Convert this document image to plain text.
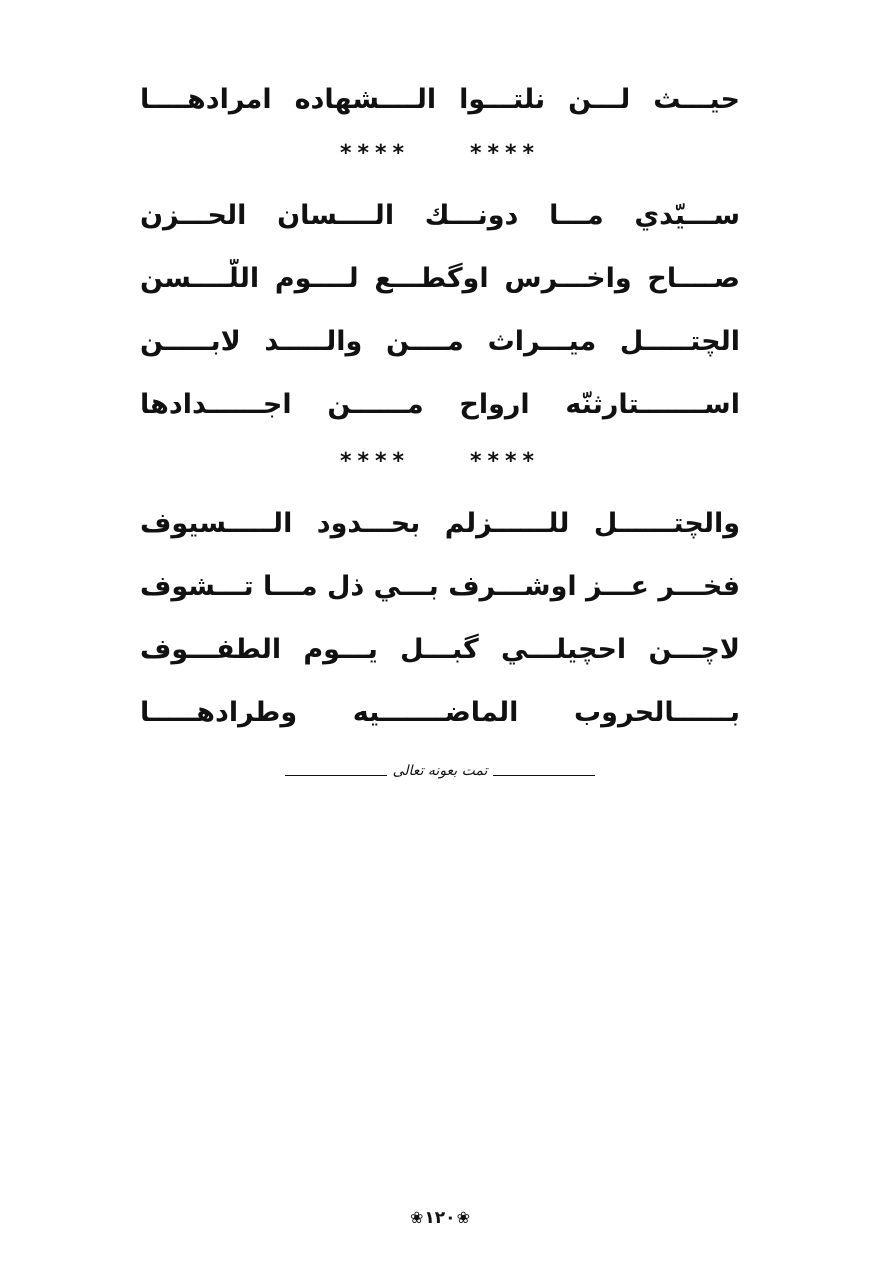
حيـــث لـــن نلتـــوا الــــشهاده امرادهــــا
****	****
ســـيّدي مـــا دونـــك الــــسان الحـــزن
صــــاح واخـــرس اوگطـــع لــــوم اللّــــسن
الچتـــــل ميـــراث مــــن والـــــد لابـــــن
اســـــــتارثنّه ارواح مــــــن اجــــــدادها
****	****
والچتــــــل للــــــزلم بحـــدود الـــــسيوف
فخـــر عـــز اوشـــرف بـــي ذل مـــا تـــشوف
لاچـــن احچيلـــي گبـــل يـــوم الطفـــوف
بــــــالحروب الماضـــــــيه وطرادهـــــا
تمت بعونه تعالى
❀ ١٢٠ ❀
